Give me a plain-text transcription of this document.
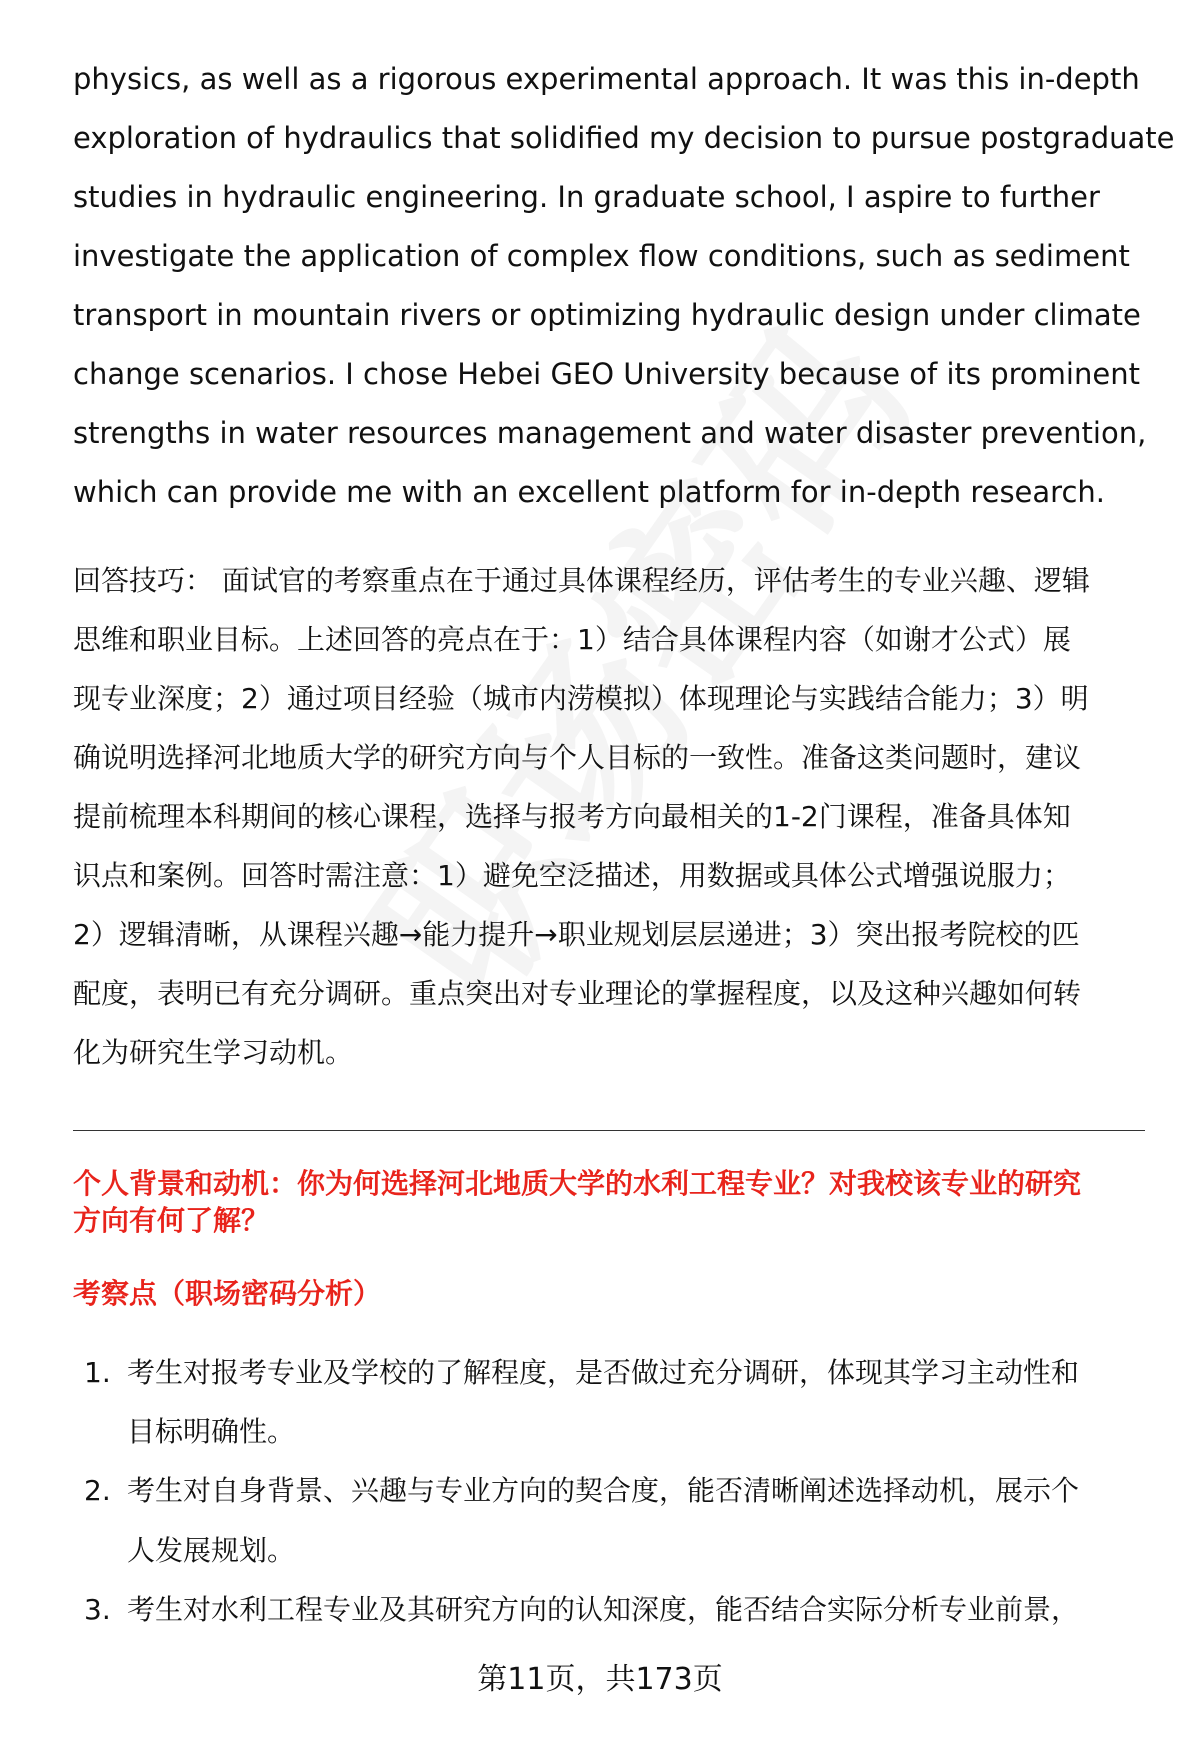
physics, as well as a rigorous experimental approach. It was this in-depth
exploration of hydraulics that solidified my decision to pursue postgraduate
studies in hydraulic engineering. In graduate school, I aspire to further
investigate the application of complex flow conditions, such as sediment
transport in mountain rivers or optimizing hydraulic design under climate
change scenarios. I chose Hebei GEO University because of its prominent
strengths in water resources management and water disaster prevention,
which can provide me with an excellent platform for in-depth research.
回答技巧： 面试官的考察重点在于通过具体课程经历，评估考生的专业兴趣、逻辑
思维和职业目标。上述回答的亮点在于：1）结合具体课程内容（如谢才公式）展
现专业深度；2）通过项目经验（城市内涝模拟）体现理论与实践结合能力；3）明
确说明选择河北地质大学的研究方向与个人目标的一致性。准备这类问题时，建议
提前梳理本科期间的核心课程，选择与报考方向最相关的1-2门课程，准备具体知
识点和案例。回答时需注意：1）避免空泛描述，用数据或具体公式增强说服力；
2）逻辑清晰，从课程兴趣→能力提升→职业规划层层递进；3）突出报考院校的匹
配度，表明已有充分调研。重点突出对专业理论的掌握程度，以及这种兴趣如何转
化为研究生学习动机。
个人背景和动机：你为何选择河北地质大学的水利工程专业？对我校该专业的研究
方向有何了解？
考察点（职场密码分析）
1. 考生对报考专业及学校的了解程度，是否做过充分调研，体现其学习主动性和
目标明确性。
2. 考生对自身背景、兴趣与专业方向的契合度，能否清晰阐述选择动机，展示个
人发展规划。
3. 考生对水利工程专业及其研究方向的认知深度，能否结合实际分析专业前景，
第11页，共173页
